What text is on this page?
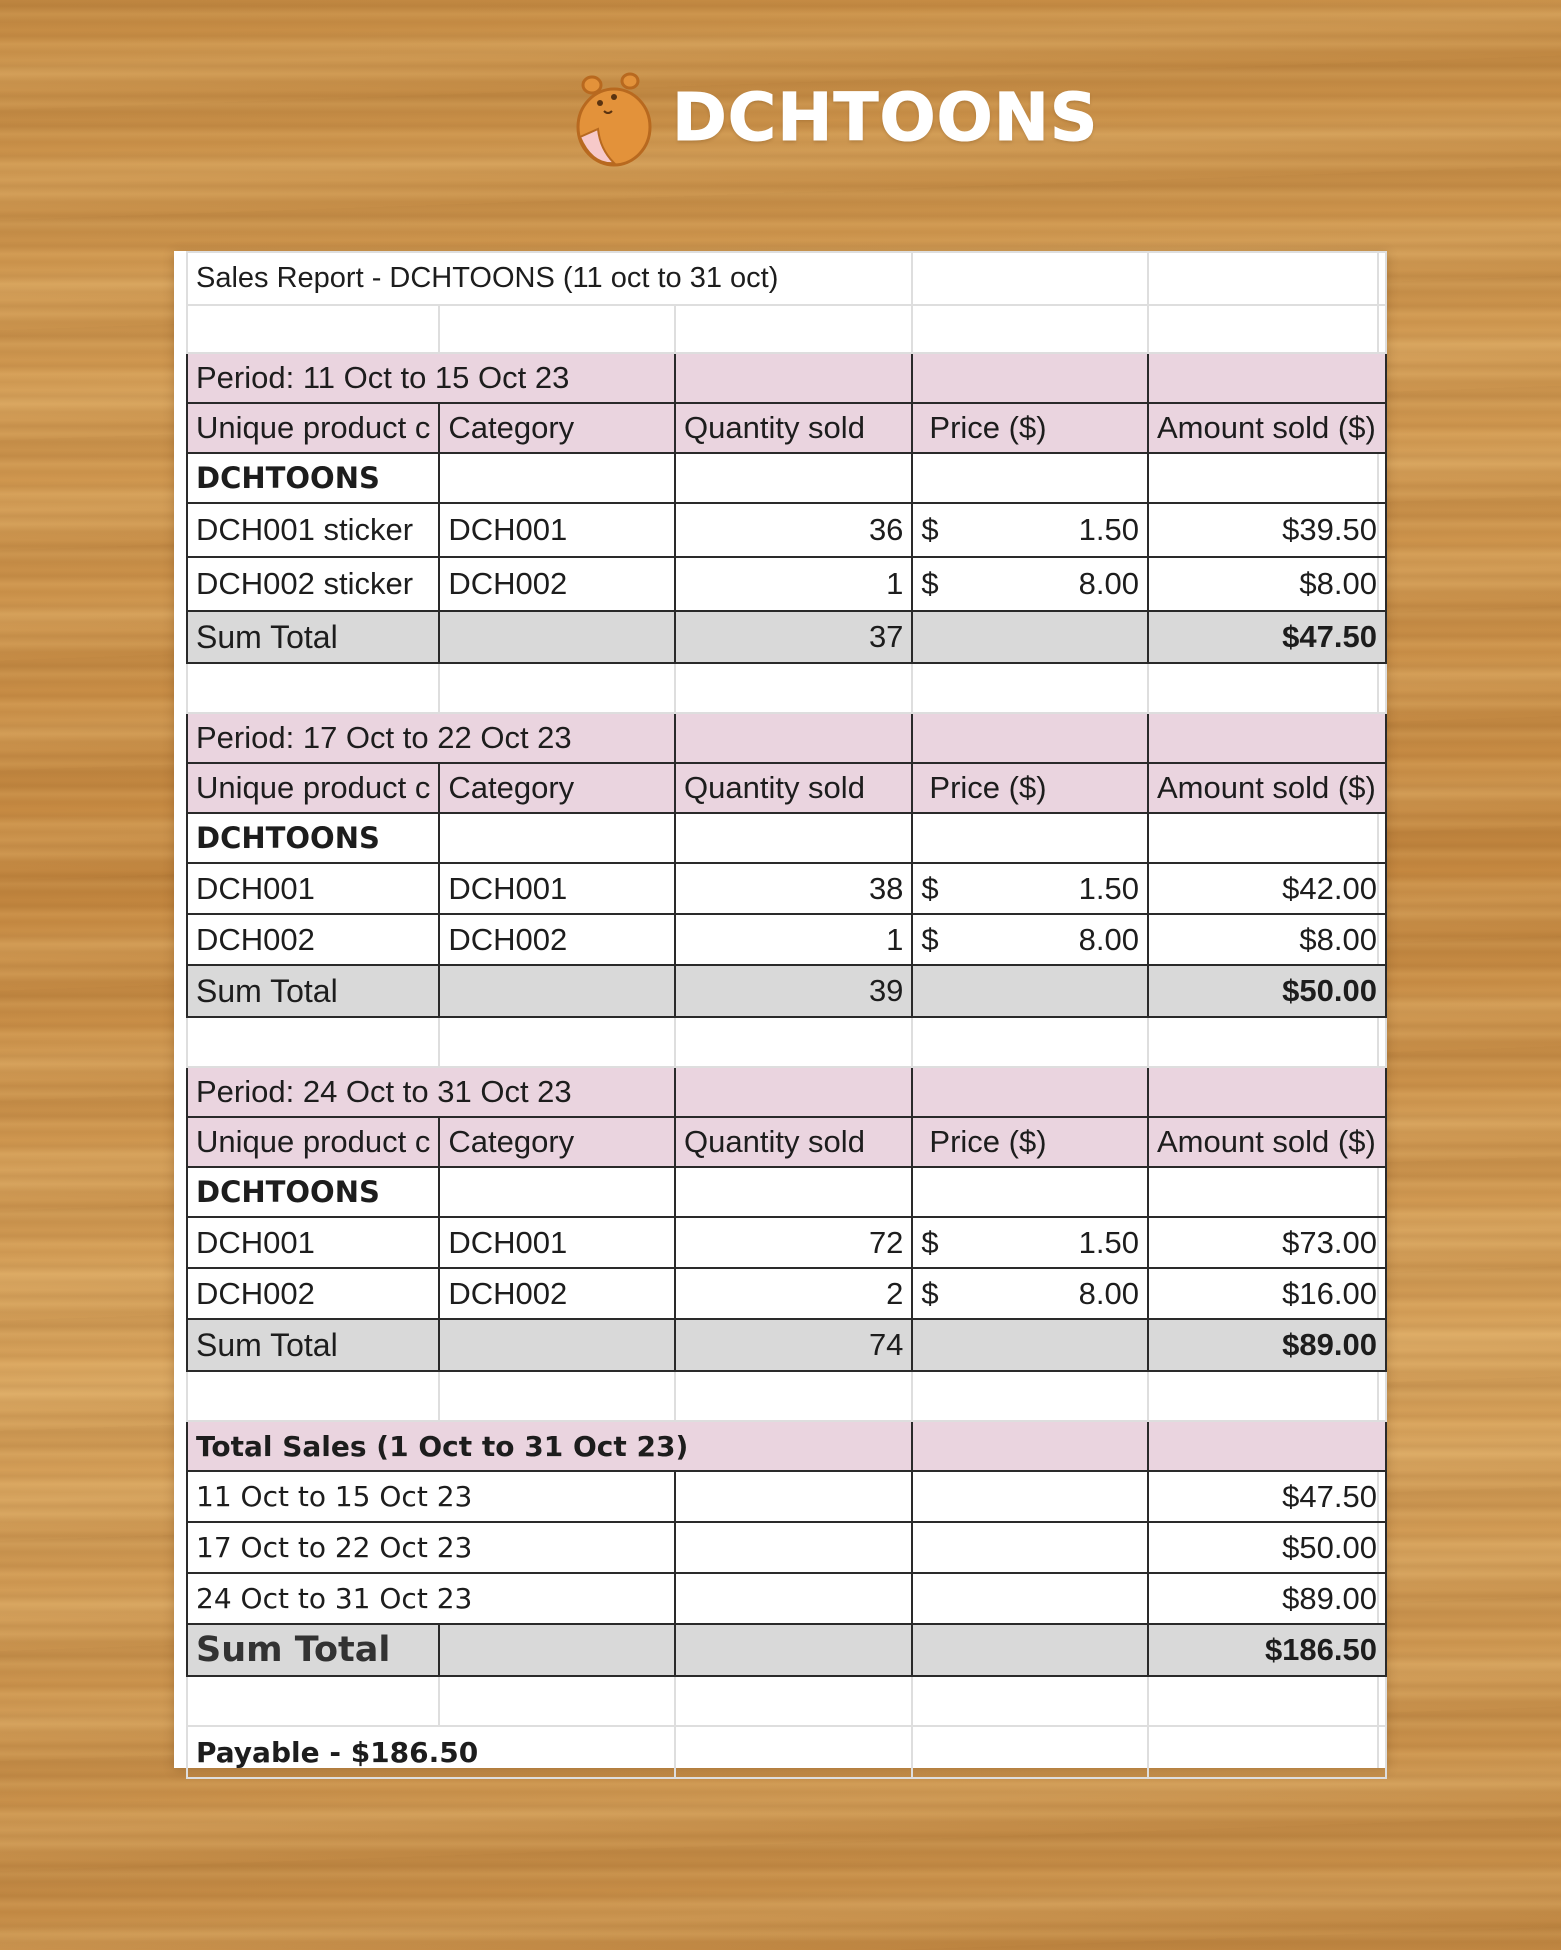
DCHTOONS
Sales Report - DCHTOONS (11 oct to 31 oct)				

Period: 11 Oct to 15 Oct 23				
Unique product c	Category	Quantity sold	Price ($)	Amount sold ($)
DCHTOONS				
DCH001 sticker	DCH001	36	$ 1.50	$39.50
DCH002 sticker	DCH002	1	$ 8.00	$8.00
Sum Total		37		$47.50

Period: 17 Oct to 22 Oct 23				
Unique product c	Category	Quantity sold	Price ($)	Amount sold ($)
DCHTOONS				
DCH001	DCH001	38	$ 1.50	$42.00
DCH002	DCH002	1	$ 8.00	$8.00
Sum Total		39		$50.00

Period: 24 Oct to 31 Oct 23				
Unique product c	Category	Quantity sold	Price ($)	Amount sold ($)
DCHTOONS				
DCH001	DCH001	72	$ 1.50	$73.00
DCH002	DCH002	2	$ 8.00	$16.00
Sum Total		74		$89.00

Total Sales (1 Oct to 31 Oct 23)				
11 Oct to 15 Oct 23				$47.50
17 Oct to 22 Oct 23				$50.00
24 Oct to 31 Oct 23				$89.00
Sum Total				$186.50

Payable - $186.50				
